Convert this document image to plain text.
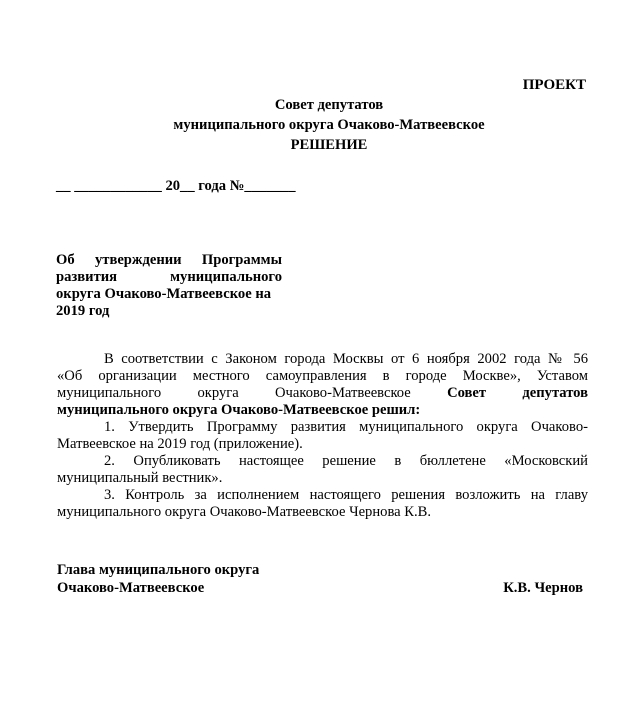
ПРОЕКТ
Совет депутатов
муниципального округа Очаково-Матвеевское
РЕШЕНИЕ
__ ____________ 20__ года №_______
Об утверждении Программы
развития муниципального
округа Очаково-Матвеевское на
2019 год
В соответствии с Законом города Москвы от 6 ноября 2002 года № 56
«Об организации местного самоуправления в городе Москве», Уставом
муниципального округа Очаково-Матвеевское Совет депутатов
муниципального округа Очаково-Матвеевское решил:
1. Утвердить Программу развития муниципального округа Очаково-
Матвеевское на 2019 год (приложение).
2. Опубликовать настоящее решение в бюллетене «Московский
муниципальный вестник».
3. Контроль за исполнением настоящего решения возложить на главу
муниципального округа Очаково-Матвеевское Чернова К.В.
Глава муниципального округа
Очаково-Матвеевское	К.В. Чернов
